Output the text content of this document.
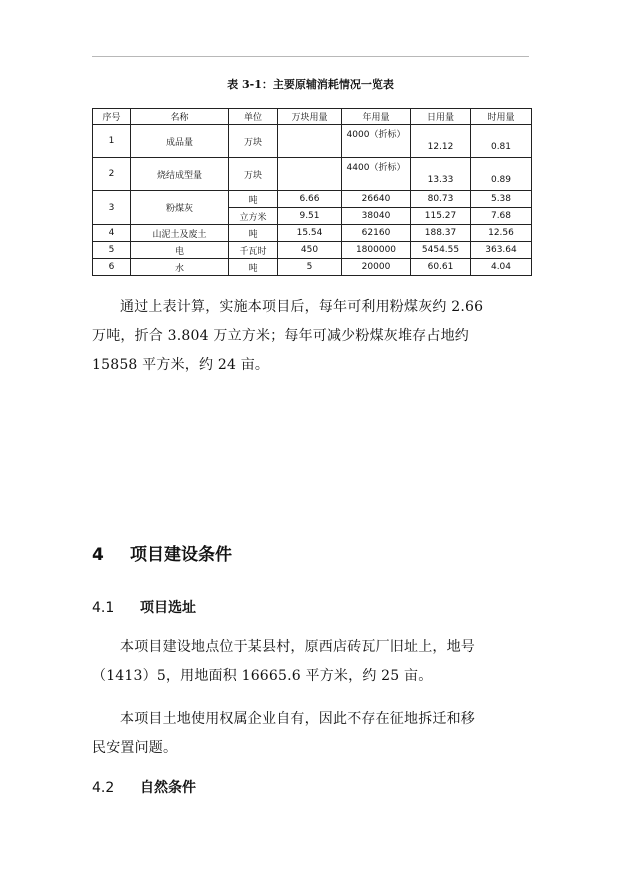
表 3-1：主要原辅消耗情况一览表
序号	名称	单位	万块用量	年用量	日用量	时用量
1	成品量	万块		4000（折标）	12.12	0.81

2	烧结成型量	万块		4400（折标）	13.33	0.89

3	粉煤灰	吨	6.66	26640	80.73	5.38
		立方米	9.51	38040	115.27	7.68
4	山泥土及废土	吨	15.54	62160	188.37	12.56
5	电	千瓦时	450	1800000	5454.55	363.64
6	水	吨	5	20000	60.61	4.04
通过上表计算，实施本项目后，每年可利用粉煤灰约 2.66
万吨，折合 3.804 万立方米；每年可减少粉煤灰堆存占地约
15858 平方米，约 24 亩。
4 项目建设条件
4.1 项目选址
本项目建设地点位于某县村，原西店砖瓦厂旧址上，地号
（1413）5，用地面积 16665.6 平方米，约 25 亩。
本项目土地使用权属企业自有，因此不存在征地拆迁和移
民安置问题。
4.2 自然条件
